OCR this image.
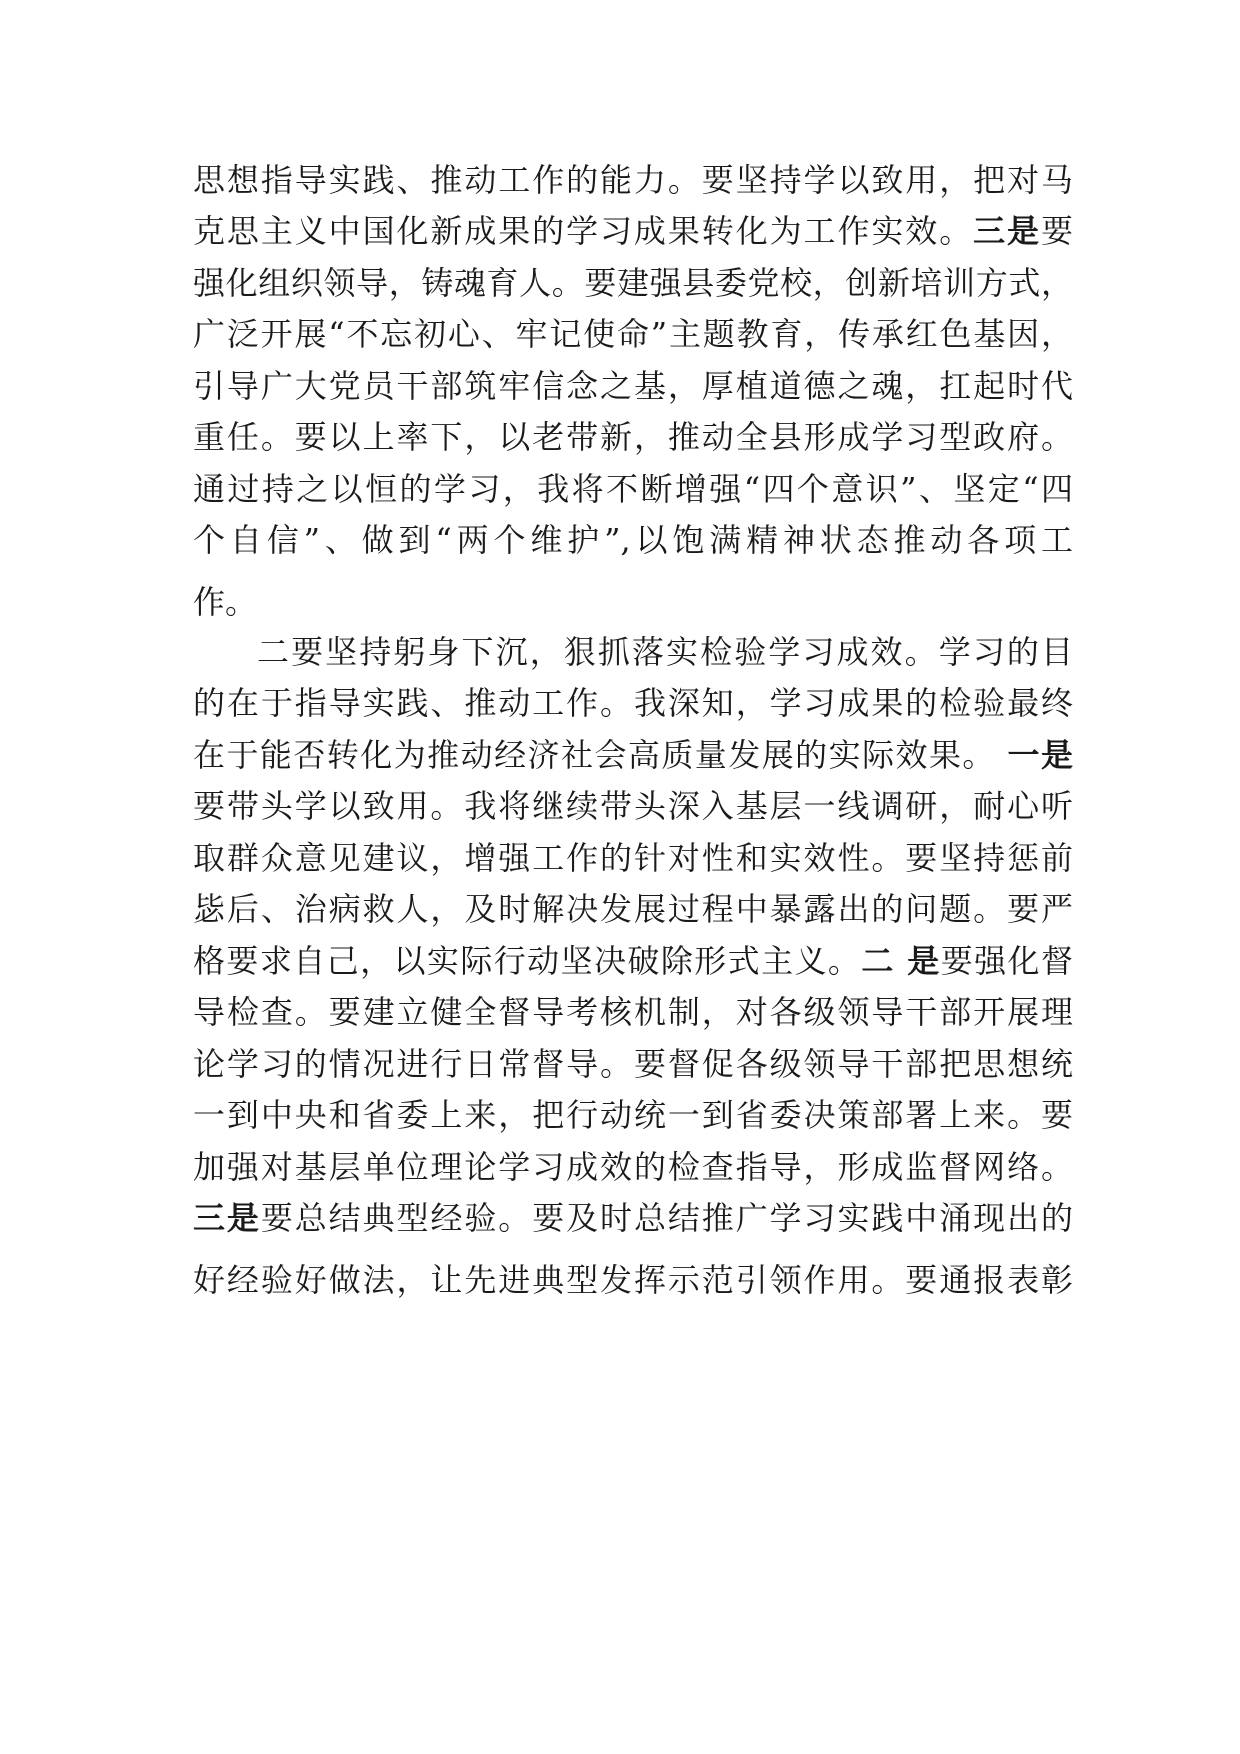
思想指导实践、推动工作的能力。要坚持学以致用，把对马
克思主义中国化新成果的学习成果转化为工作实效。三是要
强化组织领导，铸魂育人。要建强县委党校，创新培训方式，
广泛开展“不忘初心、牢记使命”主题教育，传承红色基因，
引导广大党员干部筑牢信念之基，厚植道德之魂，扛起时代
重任。要以上率下，以老带新，推动全县形成学习型政府。
通过持之以恒的学习，我将不断增强“四个意识”、坚定“四
个自信”、做到“两个维护”,以饱满精神状态推动各项工
作。
二要坚持躬身下沉，狠抓落实检验学习成效。学习的目
的在于指导实践、推动工作。我深知，学习成果的检验最终
在于能否转化为推动经济社会高质量发展的实际效果。 一是
要带头学以致用。我将继续带头深入基层一线调研，耐心听
取群众意见建议，增强工作的针对性和实效性。要坚持惩前
毖后、治病救人，及时解决发展过程中暴露出的问题。要严
格要求自己，以实际行动坚决破除形式主义。二 是要强化督
导检查。要建立健全督导考核机制，对各级领导干部开展理
论学习的情况进行日常督导。要督促各级领导干部把思想统
一到中央和省委上来，把行动统一到省委决策部署上来。要
加强对基层单位理论学习成效的检查指导，形成监督网络。
三是要总结典型经验。要及时总结推广学习实践中涌现出的
好经验好做法，让先进典型发挥示范引领作用。要通报表彰
